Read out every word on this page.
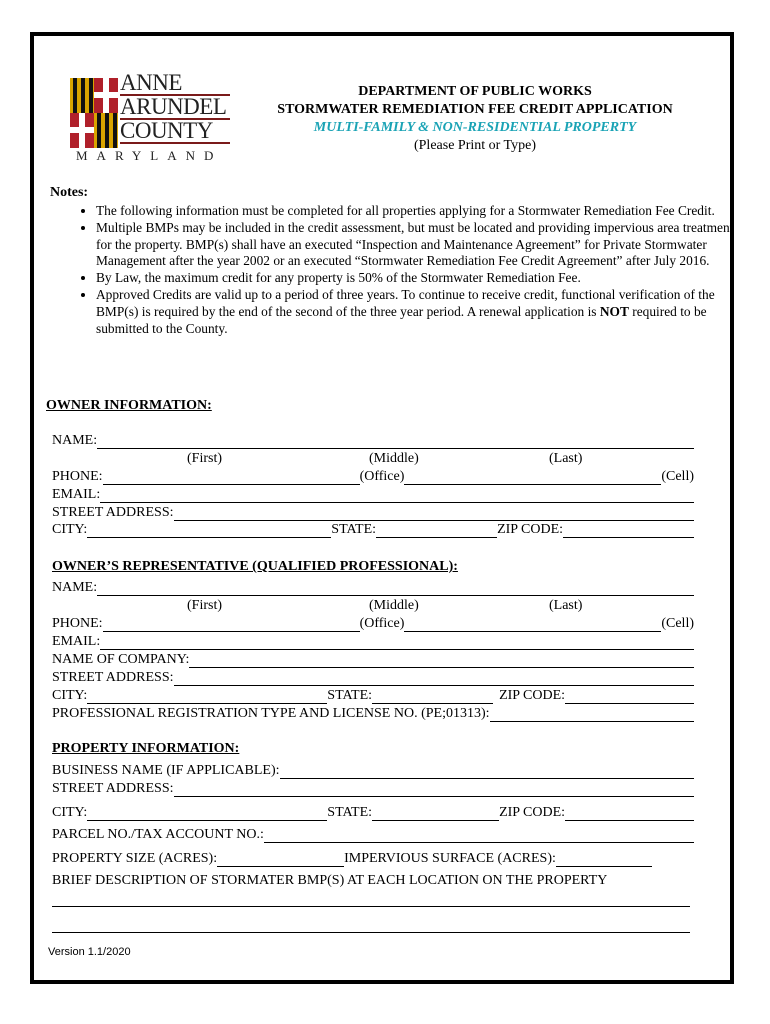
ANNE
ARUNDEL
COUNTY
MARYLAND
DEPARTMENT OF PUBLIC WORKS
STORMWATER REMEDIATION FEE CREDIT APPLICATION
MULTI-FAMILY & NON-RESIDENTIAL PROPERTY
(Please Print or Type)
Notes:
• The following information must be completed for all properties applying for a Stormwater Remediation Fee Credit.
• Multiple BMPs may be included in the credit assessment, but must be located and providing impervious area treatment for the property. BMP(s) shall have an executed “Inspection and Maintenance Agreement” for Private Stormwater Management after the year 2002 or an executed “Stormwater Remediation Fee Credit Agreement” after July 2016.
• By Law, the maximum credit for any property is 50% of the Stormwater Remediation Fee.
• Approved Credits are valid up to a period of three years. To continue to receive credit, functional verification of the BMP(s) is required by the end of the second of the three year period. A renewal application is NOT required to be submitted to the County.
OWNER INFORMATION:
NAME:
(First)	(Middle)	(Last)
PHONE:	(Office)	(Cell)
EMAIL:
STREET ADDRESS:
CITY:	STATE:	ZIP CODE:
OWNER’S REPRESENTATIVE (QUALIFIED PROFESSIONAL):
NAME:
(First)	(Middle)	(Last)
PHONE:	(Office)	(Cell)
EMAIL:
NAME OF COMPANY:
STREET ADDRESS:
CITY:	STATE:	ZIP CODE:
PROFESSIONAL REGISTRATION TYPE AND LICENSE NO. (PE;01313):
PROPERTY INFORMATION:
BUSINESS NAME (IF APPLICABLE):
STREET ADDRESS:
CITY:	STATE:	ZIP CODE:
PARCEL NO./TAX ACCOUNT NO.:
PROPERTY SIZE (ACRES):	IMPERVIOUS SURFACE (ACRES):
BRIEF DESCRIPTION OF STORMATER BMP(S) AT EACH LOCATION ON THE PROPERTY
Version 1.1/2020
